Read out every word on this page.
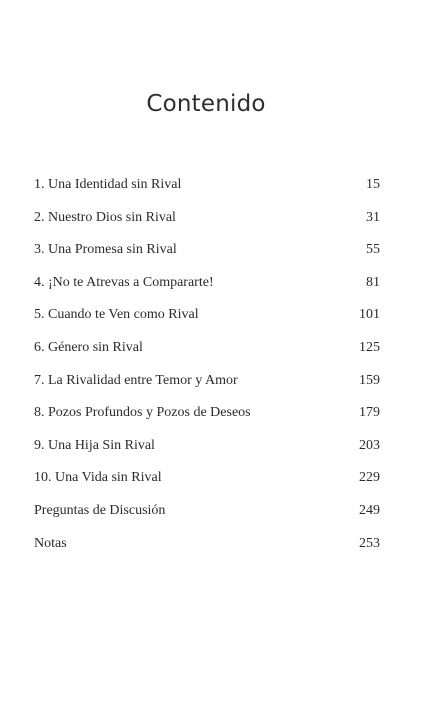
Contenido
1. Una Identidad sin Rival	15
2. Nuestro Dios sin Rival	31
3. Una Promesa sin Rival	55
4. ¡No te Atrevas a Compararte!	81
5. Cuando te Ven como Rival	101
6. Género sin Rival	125
7. La Rivalidad entre Temor y Amor	159
8. Pozos Profundos y Pozos de Deseos	179
9. Una Hija Sin Rival	203
10. Una Vida sin Rival	229
Preguntas de Discusión	249
Notas	253
